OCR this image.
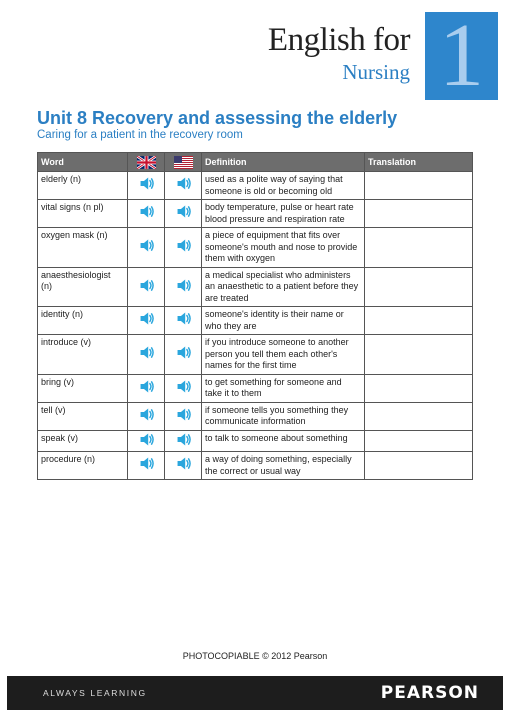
English for
Nursing 1
Unit 8 Recovery and assessing the elderly
Caring for a patient in the recovery room
Word			Definition	Translation
elderly (n)			used as a polite way of saying that someone is old or becoming old	
vital signs (n pl)			body temperature, pulse or heart rate blood pressure and respiration rate	
oxygen mask (n)			a piece of equipment that fits over someone's mouth and nose to provide them with oxygen	
anaesthesiologist (n)			a medical specialist who administers an anaesthetic to a patient before they are treated	
identity (n)			someone's identity is their name or who they are	
introduce (v)			if you introduce someone to another person you tell them each other's names for the first time	
bring (v)			to get something for someone and take it to them	
tell (v)			if someone tells you something they communicate information	
speak (v)			to talk to someone about something	
procedure (n)			a way of doing something, especially the correct or usual way	
PHOTOCOPIABLE © 2012 Pearson
ALWAYS LEARNING	PEARSON
